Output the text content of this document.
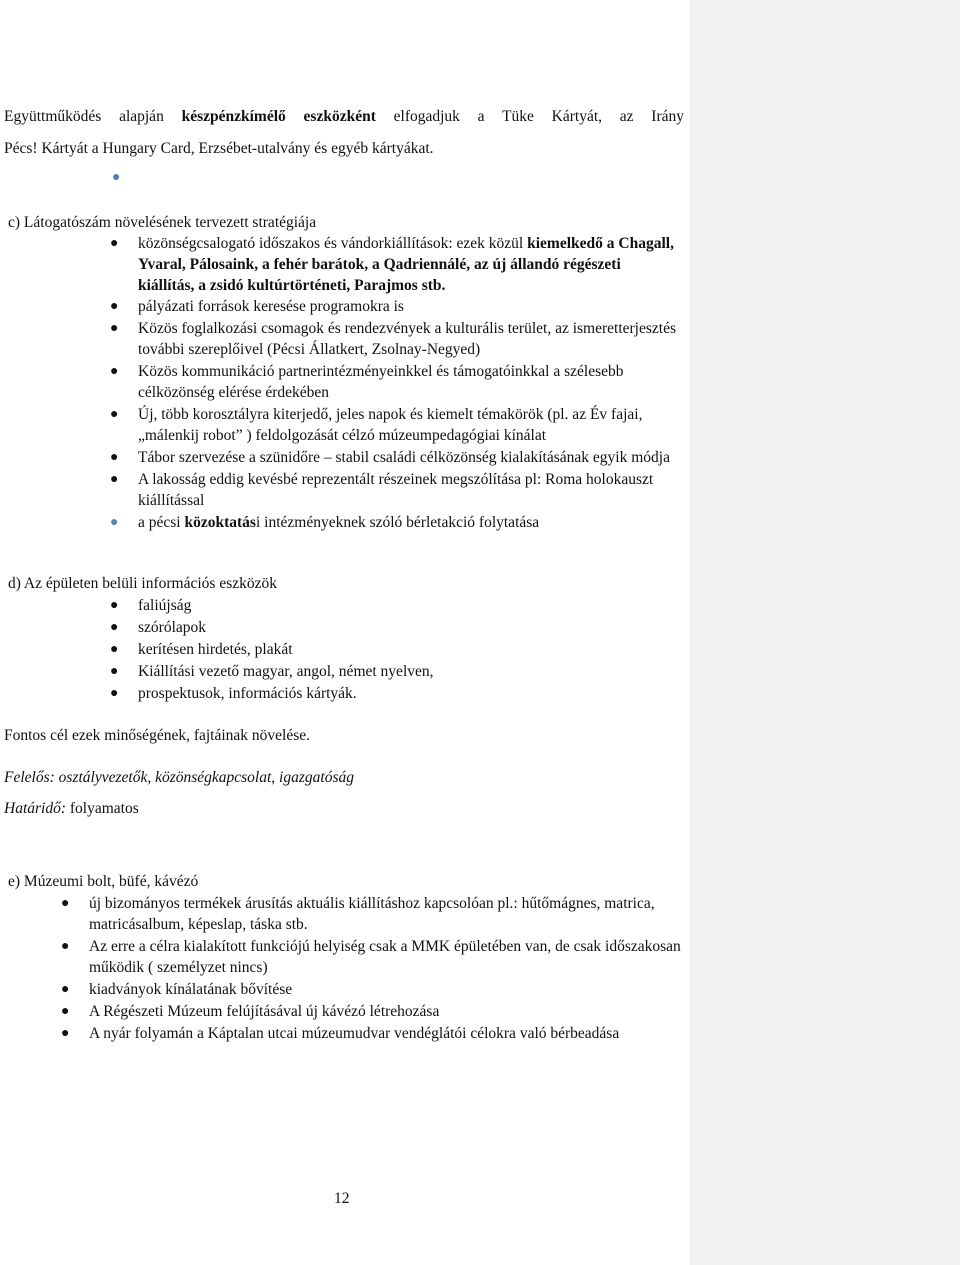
Együttműködés alapján készpénzkímélő eszközként elfogadjuk a Tüke Kártyát, az Irány

Pécs! Kártyát a Hungary Card, Erzsébet-utalvány és egyéb kártyákat.

●
c) Látogatószám növelésének tervezett stratégiája
● közönségcsalogató időszakos és vándorkiállítások: ezek közül kiemelkedő a Chagall, Yvaral, Pálosaink, a fehér barátok, a Qadriennálé, az új állandó régészeti kiállítás, a zsidó kultúrtörténeti, Parajmos stb.
● pályázati források keresése programokra is
● Közös foglalkozási csomagok és rendezvények a kulturális terület, az ismeretterjesztés további szereplőivel (Pécsi Állatkert, Zsolnay-Negyed)
● Közös kommunikáció partnerintézményeinkkel és támogatóinkkal a szélesebb célközönség elérése érdekében
● Új, több korosztályra kiterjedő, jeles napok és kiemelt témakörök (pl. az Év fajai, „málenkij robot” ) feldolgozását célzó múzeumpedagógiai kínálat
● Tábor szervezése a szünidőre – stabil családi célközönség kialakításának egyik módja
● A lakosság eddig kevésbé reprezentált részeinek megszólítása pl: Roma holokauszt kiállítással
● a pécsi közoktatási intézményeknek szóló bérletakció folytatása
d) Az épületen belüli információs eszközök
● faliújság
● szórólapok
● kerítésen hirdetés, plakát
● Kiállítási vezető magyar, angol, német nyelven,
● prospektusok, információs kártyák.

Fontos cél ezek minőségének, fajtáinak növelése.

Felelős: osztályvezetők, közönségkapcsolat, igazgatóság

Határidő: folyamatos

e) Múzeumi bolt, büfé, kávézó
● új bizományos termékek árusítás aktuális kiállításhoz kapcsolóan pl.: hűtőmágnes, matrica, matricásalbum, képeslap, táska stb.
● Az erre a célra kialakított funkciójú helyiség csak a MMK épületében van, de csak időszakosan működik ( személyzet nincs)
● kiadványok kínálatának bővítése
● A Régészeti Múzeum felújításával új kávézó létrehozása
● A nyár folyamán a Káptalan utcai múzeumudvar vendéglátói célokra való bérbeadása
12
